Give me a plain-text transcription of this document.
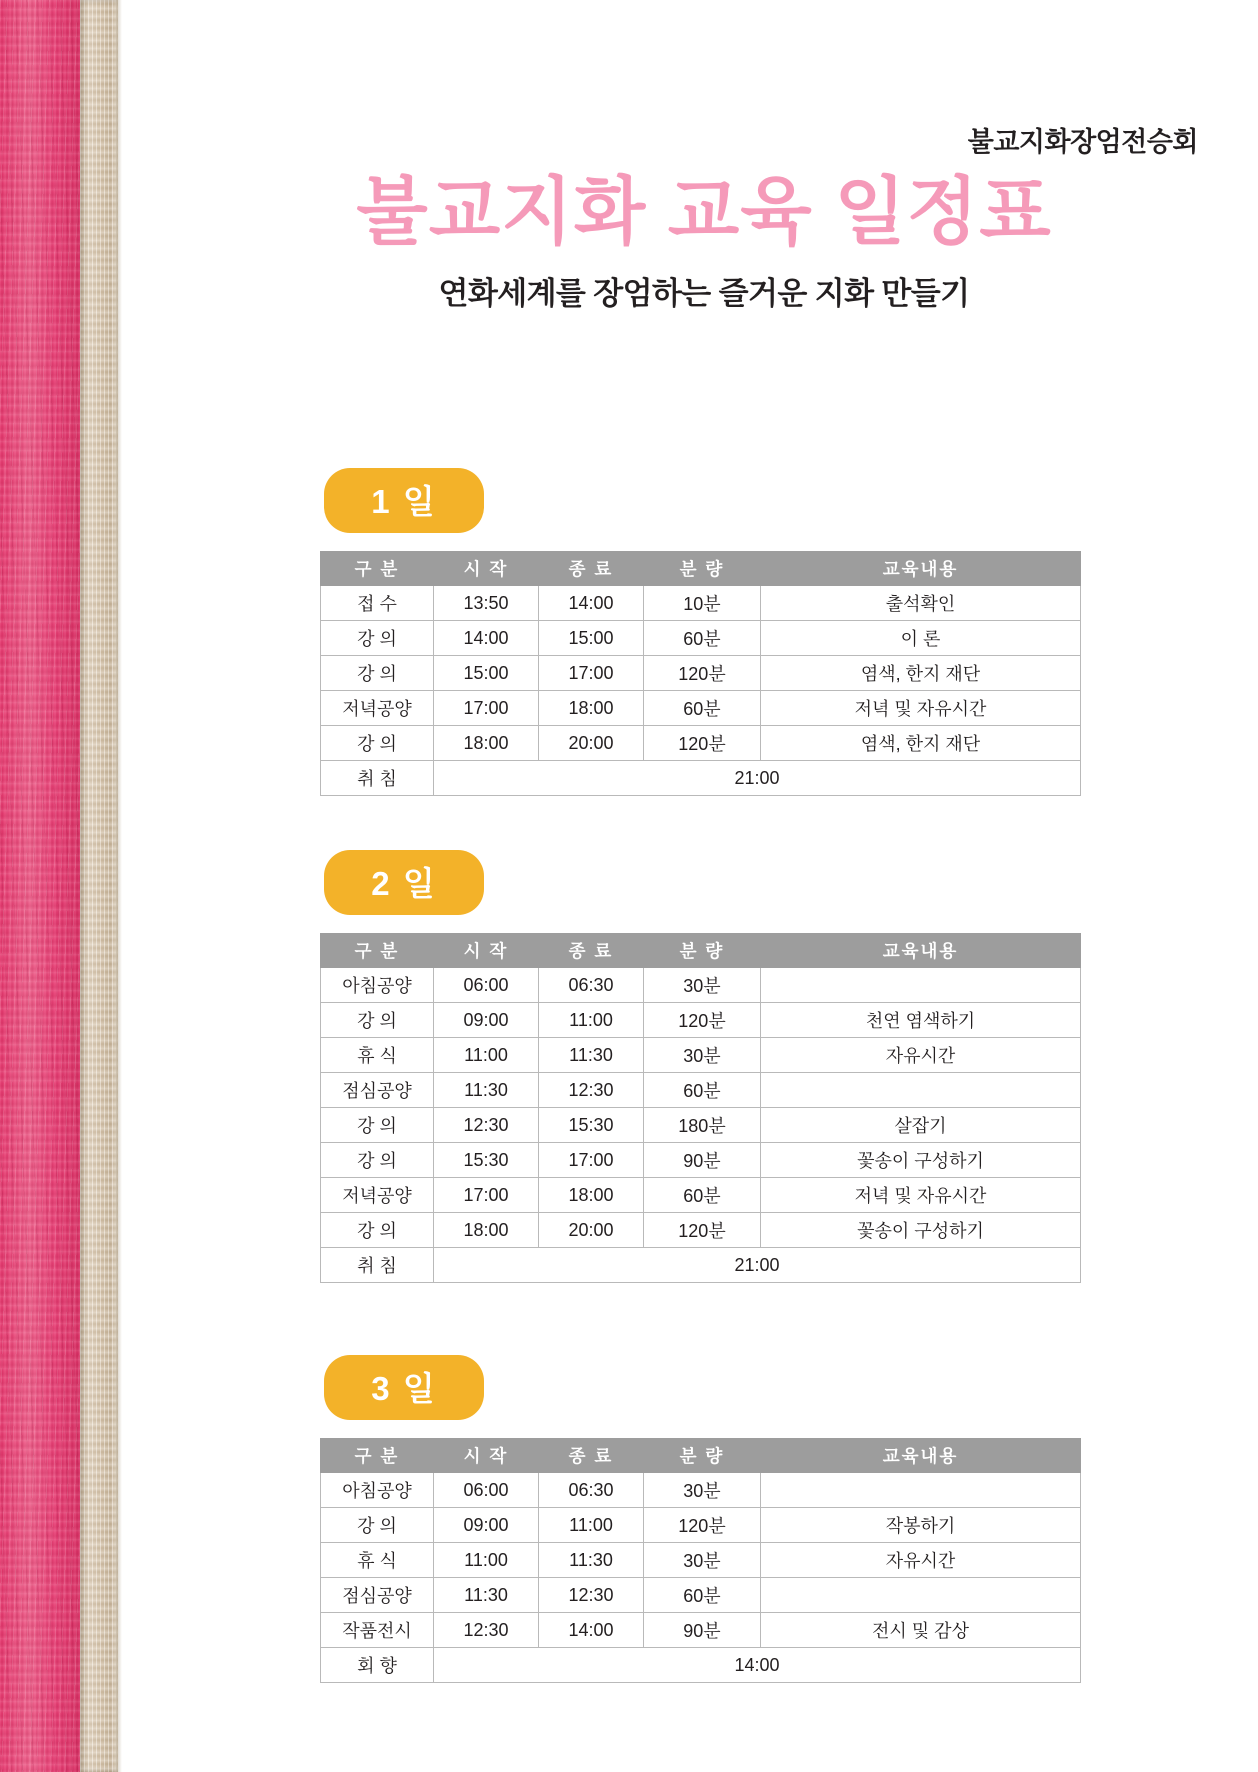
불교지화장엄전승회
불교지화 교육 일정표
연화세계를 장엄하는 즐거운 지화 만들기
1 일
구 분	시 작	종 료	분 량	교육내용
접 수	13:50	14:00	10분	출석확인
강 의	14:00	15:00	60분	이 론
강 의	15:00	17:00	120분	염색, 한지 재단
저녁공양	17:00	18:00	60분	저녁 및 자유시간
강 의	18:00	20:00	120분	염색, 한지 재단
취 침	21:00			
2 일
구 분	시 작	종 료	분 량	교육내용
아침공양	06:00	06:30	30분	
강 의	09:00	11:00	120분	천연 염색하기
휴 식	11:00	11:30	30분	자유시간
점심공양	11:30	12:30	60분	
강 의	12:30	15:30	180분	살잡기
강 의	15:30	17:00	90분	꽃송이 구성하기
저녁공양	17:00	18:00	60분	저녁 및 자유시간
강 의	18:00	20:00	120분	꽃송이 구성하기
취 침	21:00			
3 일
구 분	시 작	종 료	분 량	교육내용
아침공양	06:00	06:30	30분	
강 의	09:00	11:00	120분	작봉하기
휴 식	11:00	11:30	30분	자유시간
점심공양	11:30	12:30	60분	
작품전시	12:30	14:00	90분	전시 및 감상
회 향	14:00			
